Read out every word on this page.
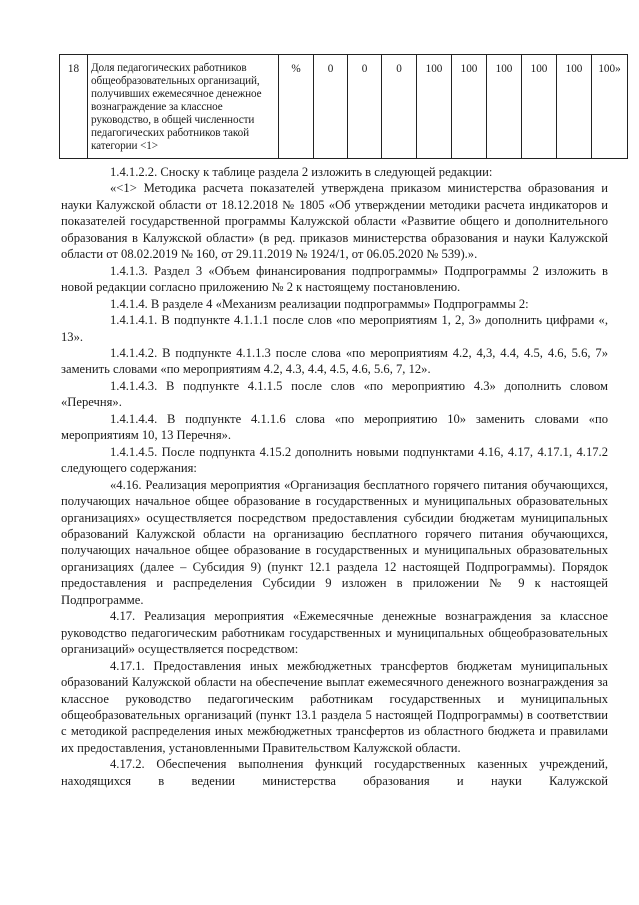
18	Доля педагогических работников общеобразовательных организаций, получивших ежемесячное денежное вознаграждение за классное руководство, в общей численности педагогических работников такой категории <1>	%	0	0	0	100	100	100	100	100	100»

1.4.1.2.2. Сноску к таблице раздела 2 изложить в следующей редакции:

«<1> Методика расчета показателей утверждена приказом министерства образования и науки Калужской области от 18.12.2018 № 1805 «Об утверждении методики расчета индикаторов и показателей государственной программы Калужской области «Развитие общего и дополнительного образования в Калужской области» (в ред. приказов министерства образования и науки Калужской области от 08.02.2019 № 160, от 29.11.2019 № 1924/1, от 06.05.2020 № 539).».

1.4.1.3. Раздел 3 «Объем финансирования подпрограммы» Подпрограммы 2 изложить в новой редакции согласно приложению № 2 к настоящему постановлению.

1.4.1.4. В разделе 4 «Механизм реализации подпрограммы» Подпрограммы 2:

1.4.1.4.1. В подпункте 4.1.1.1 после слов «по мероприятиям 1, 2, 3» дополнить цифрами «, 13».

1.4.1.4.2. В подпункте 4.1.1.3 после слова «по мероприятиям 4.2, 4,3, 4.4, 4.5, 4.6, 5.6, 7» заменить словами «по мероприятиям 4.2, 4.3, 4.4, 4.5, 4.6, 5.6, 7, 12».

1.4.1.4.3. В подпункте 4.1.1.5 после слов «по мероприятию 4.3» дополнить словом «Перечня».

1.4.1.4.4. В подпункте 4.1.1.6 слова «по мероприятию 10» заменить словами «по мероприятиям 10, 13 Перечня».

1.4.1.4.5. После подпункта 4.15.2 дополнить новыми подпунктами 4.16, 4.17, 4.17.1, 4.17.2 следующего содержания:

«4.16. Реализация мероприятия «Организация бесплатного горячего питания обучающихся, получающих начальное общее образование в государственных и муниципальных образовательных организациях» осуществляется посредством предоставления субсидии бюджетам муниципальных образований Калужской области на организацию бесплатного горячего питания обучающихся, получающих начальное общее образование в государственных и муниципальных образовательных организациях (далее – Субсидия 9) (пункт 12.1 раздела 12 настоящей Подпрограммы). Порядок предоставления и распределения Субсидии 9 изложен в приложении № 9 к настоящей Подпрограмме.

4.17. Реализация мероприятия «Ежемесячные денежные вознаграждения за классное руководство педагогическим работникам государственных и муниципальных общеобразовательных организаций» осуществляется посредством:

4.17.1. Предоставления иных межбюджетных трансфертов бюджетам муниципальных образований Калужской области на обеспечение выплат ежемесячного денежного вознаграждения за классное руководство педагогическим работникам государственных и муниципальных общеобразовательных организаций (пункт 13.1 раздела 5 настоящей Подпрограммы) в соответствии с методикой распределения иных межбюджетных трансфертов из областного бюджета и правилами их предоставления, установленными Правительством Калужской области.

4.17.2. Обеспечения выполнения функций государственных казенных учреждений, находящихся в ведении министерства образования и науки Калужской
